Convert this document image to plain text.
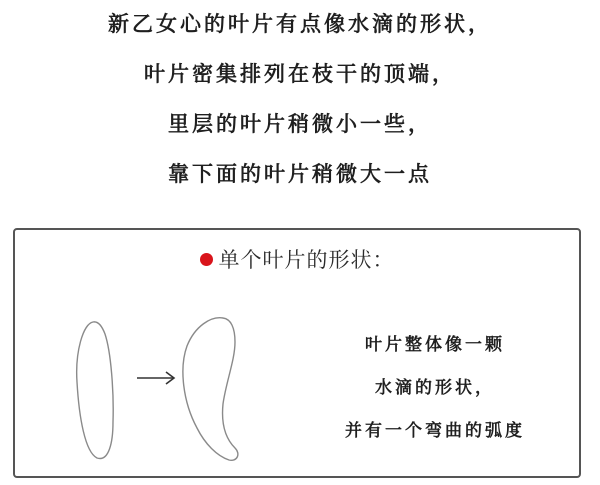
新乙女心的叶片有点像水滴的形状，
叶片密集排列在枝干的顶端，
里层的叶片稍微小一些，
靠下面的叶片稍微大一点
单个叶片的形状：
叶片整体像一颗
水滴的形状，
并有一个弯曲的弧度
